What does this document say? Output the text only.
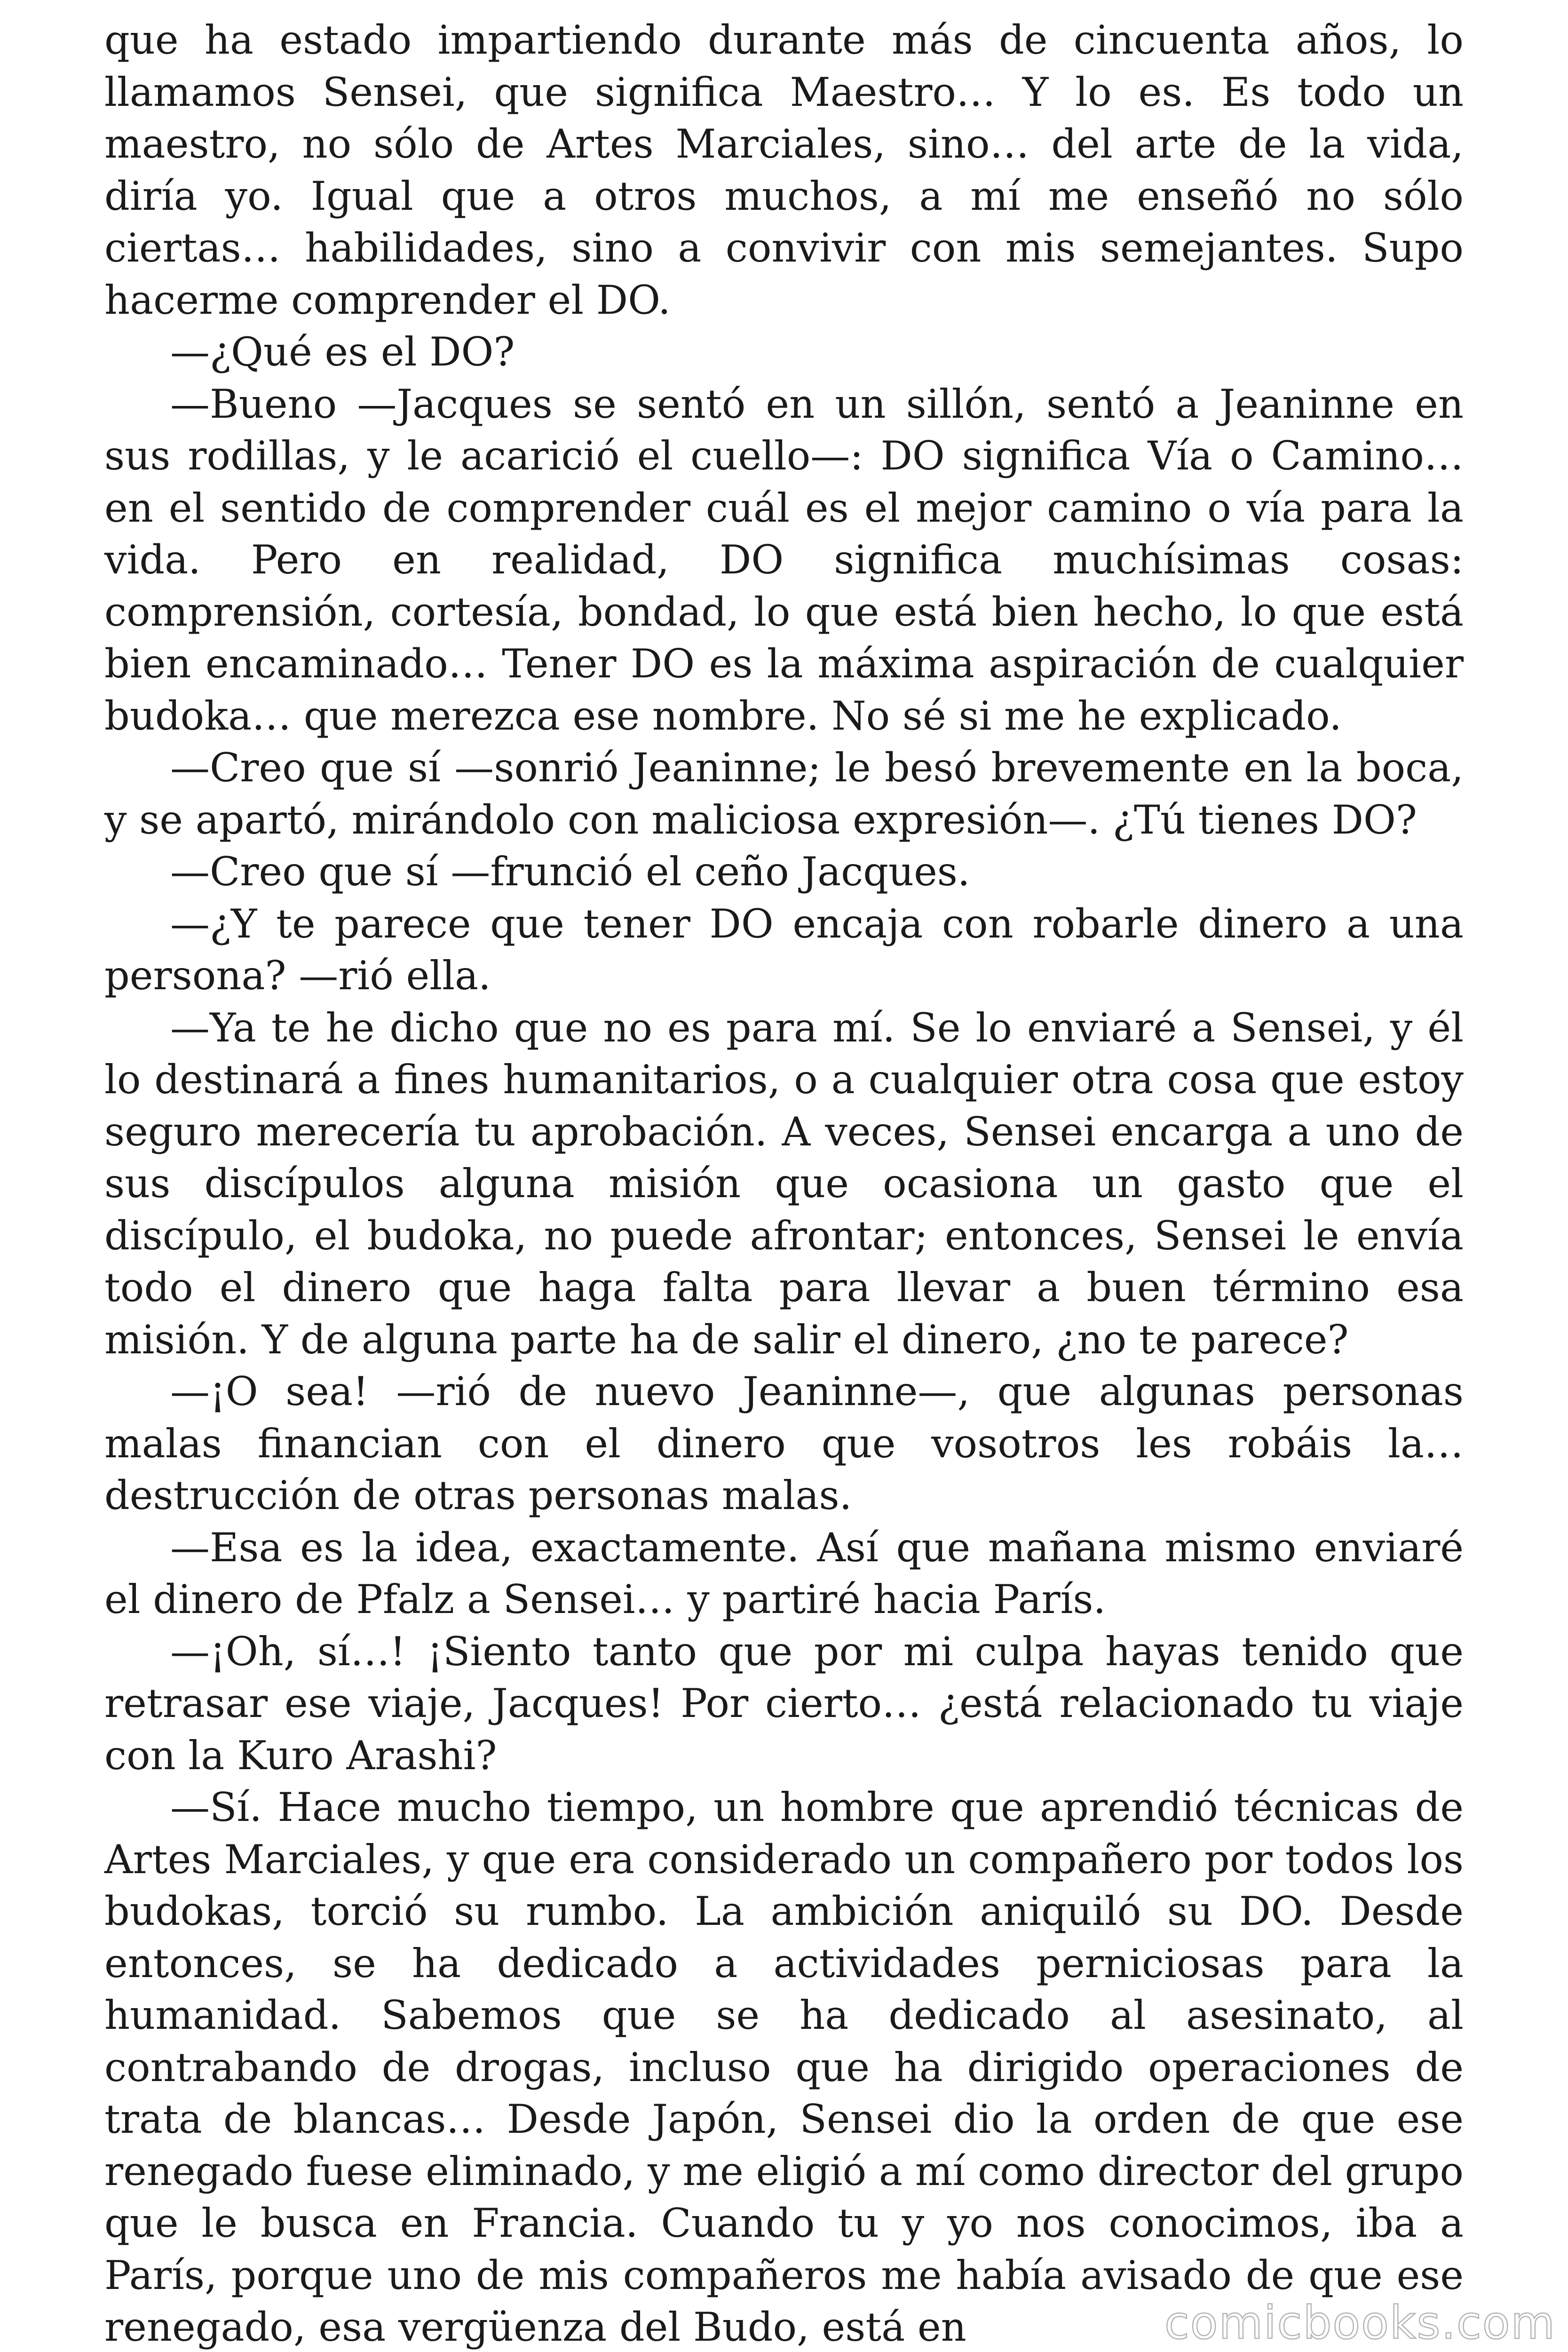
que ha estado impartiendo durante más de cincuenta años, lo llamamos Sensei, que significa Maestro… Y lo es. Es todo un maestro, no sólo de Artes Marciales, sino… del arte de la vida, diría yo. Igual que a otros muchos, a mí me enseñó no sólo ciertas… habilidades, sino a convivir con mis semejantes. Supo hacerme comprender el DO.

—¿Qué es el DO?

—Bueno —Jacques se sentó en un sillón, sentó a Jeaninne en sus rodillas, y le acarició el cuello—: DO significa Vía o Camino… en el sentido de comprender cuál es el mejor camino o vía para la vida. Pero en realidad, DO significa muchísimas cosas: comprensión, cortesía, bondad, lo que está bien hecho, lo que está bien encaminado… Tener DO es la máxima aspiración de cualquier budoka… que merezca ese nombre. No sé si me he explicado.

—Creo que sí —sonrió Jeaninne; le besó brevemente en la boca, y se apartó, mirándolo con maliciosa expresión—. ¿Tú tienes DO?

—Creo que sí —frunció el ceño Jacques.

—¿Y te parece que tener DO encaja con robarle dinero a una persona? —rió ella.

—Ya te he dicho que no es para mí. Se lo enviaré a Sensei, y él lo destinará a fines humanitarios, o a cualquier otra cosa que estoy seguro merecería tu aprobación. A veces, Sensei encarga a uno de sus discípulos alguna misión que ocasiona un gasto que el discípulo, el budoka, no puede afrontar; entonces, Sensei le envía todo el dinero que haga falta para llevar a buen término esa misión. Y de alguna parte ha de salir el dinero, ¿no te parece?

—¡O sea! —rió de nuevo Jeaninne—, que algunas personas malas financian con el dinero que vosotros les robáis la… destrucción de otras personas malas.

—Esa es la idea, exactamente. Así que mañana mismo enviaré el dinero de Pfalz a Sensei… y partiré hacia París.

—¡Oh, sí…! ¡Siento tanto que por mi culpa hayas tenido que retrasar ese viaje, Jacques! Por cierto… ¿está relacionado tu viaje con la Kuro Arashi?

—Sí. Hace mucho tiempo, un hombre que aprendió técnicas de Artes Marciales, y que era considerado un compañero por todos los budokas, torció su rumbo. La ambición aniquiló su DO. Desde entonces, se ha dedicado a actividades perniciosas para la humanidad. Sabemos que se ha dedicado al asesinato, al contrabando de drogas, incluso que ha dirigido operaciones de trata de blancas… Desde Japón, Sensei dio la orden de que ese renegado fuese eliminado, y me eligió a mí como director del grupo que le busca en Francia. Cuando tu y yo nos conocimos, iba a París, porque uno de mis compañeros me había avisado de que ese renegado, esa vergüenza del Budo, está en	comicbooks.com
